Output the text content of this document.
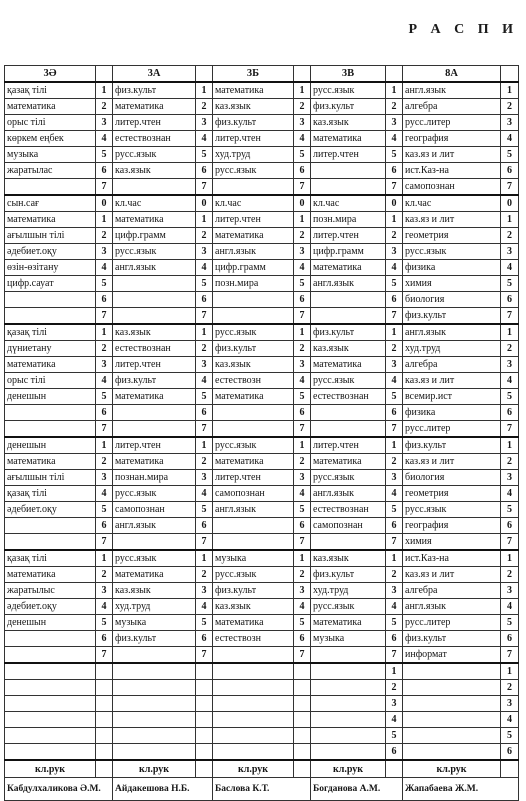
Р А С П И
3Ә		3А		3Б		3В		8А	
қазақ тілі	1	физ.культ	1	математика	1	русс.язык	1	англ.язык	1
математика	2	математика	2	каз.язык	2	физ.культ	2	алгебра	2
орыс тілі	3	литер.чтен	3	физ.культ	3	каз.язык	3	русс.литер	3
көркем еңбек	4	естествознан	4	литер.чтен	4	математика	4	география	4
музыка	5	русс.язык	5	худ.труд	5	литер.чтен	5	каз.яз и лит	5
жаратылас	6	каз.язык	6	русс.язык	6		6	ист.Каз-на	6
	7		7		7		7	самопознан	7
сын.сағ	0	кл.час	0	кл.час	0	кл.час	0	кл.час	0
математика	1	математика	1	литер.чтен	1	позн.мира	1	каз.яз и лит	1
ағылшын тілі	2	цифр.грамм	2	математика	2	литер.чтен	2	геометрия	2
әдебиет.оқу	3	русс.язык	3	англ.язык	3	цифр.грамм	3	русс.язык	3
өзін-өзітану	4	англ.язык	4	цифр.грамм	4	математика	4	физика	4
цифр.сауат	5		5	позн.мира	5	англ.язык	5	химия	5
	6		6		6		6	биология	6
	7		7		7		7	физ.культ	7
қазақ тілі	1	каз.язык	1	русс.язык	1	физ.культ	1	англ.язык	1
дүниетану	2	естествознан	2	физ.культ	2	каз.язык	2	худ.труд	2
математика	3	литер.чтен	3	каз.язык	3	математика	3	алгебра	3
орыс тілі	4	физ.культ	4	естествозн	4	русс.язык	4	каз.яз и лит	4
денешын	5	математика	5	математика	5	естествознан	5	всемир.ист	5
	6		6		6		6	физика	6
	7		7		7		7	русс.литер	7
денешын	1	литер.чтен	1	русс.язык	1	литер.чтен	1	физ.культ	1
математика	2	математика	2	математика	2	математика	2	каз.яз и лит	2
ағылшын тілі	3	познан.мира	3	литер.чтен	3	русс.язык	3	биология	3
қазақ тілі	4	русс.язык	4	самопознан	4	англ.язык	4	геометрия	4
әдебиет.оқу	5	самопознан	5	англ.язык	5	естествознан	5	русс.язык	5
	6	англ.язык	6		6	самопознан	6	география	6
	7		7		7		7	химия	7
қазақ тілі	1	русс.язык	1	музыка	1	каз.язык	1	ист.Каз-на	1
математика	2	математика	2	русс.язык	2	физ.культ	2	каз.яз и лит	2
жаратылыс	3	каз.язык	3	физ.культ	3	худ.труд	3	алгебра	3
әдебиет.оқу	4	худ.труд	4	каз.язык	4	русс.язык	4	англ.язык	4
денешын	5	музыка	5	математика	5	математика	5	русс.литер	5
	6	физ.культ	6	естествозн	6	музыка	6	физ.культ	6
	7		7		7		7	информат	7
							1		1
							2		2
							3		3
							4		4
							5		5
							6		6
кл.рук		кл.рук		кл.рук		кл.рук		кл.рук	
Кабдулхаликова Ә.М.		Айдакешова Н.Б.		Баслова К.Т.		Богданова А.М.		Жапабаева Ж.М.	
